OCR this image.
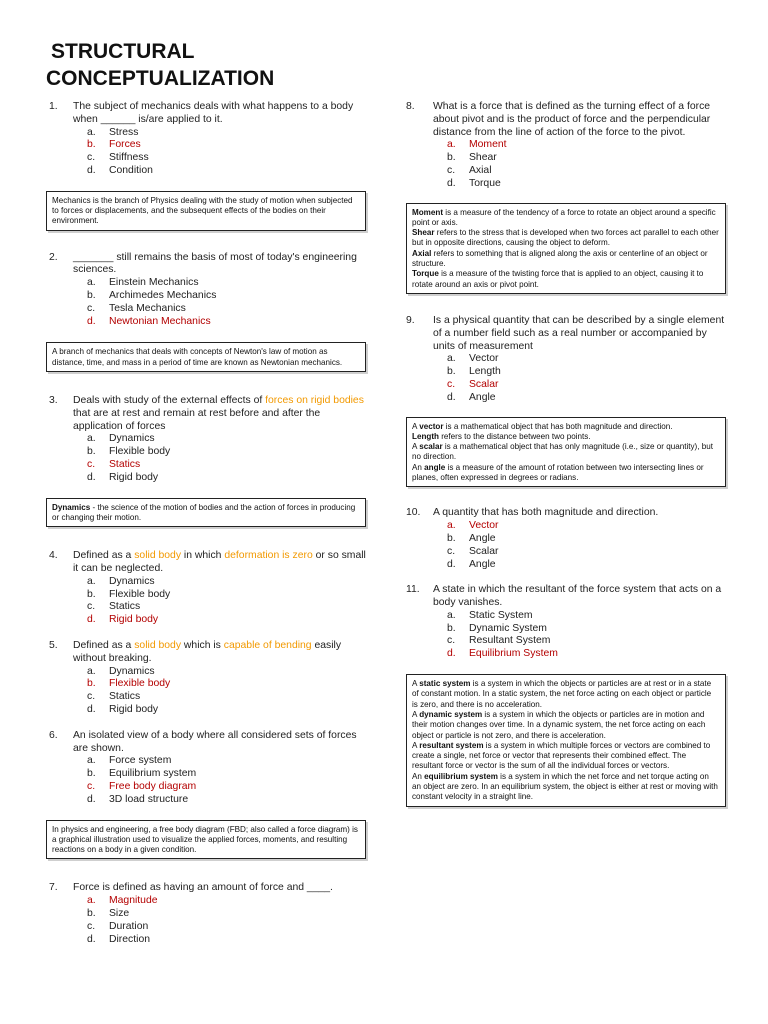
STRUCTURAL
CONCEPTUALIZATION
1. The subject of mechanics deals with what happens to a body when ______ is/are applied to it.
a. Stress
b. Forces
c. Stiffness
d. Condition
Mechanics is the branch of Physics dealing with the study of motion when subjected to forces or displacements, and the subsequent effects of the bodies on their environment.
2. _______ still remains the basis of most of today's engineering sciences.
a. Einstein Mechanics
b. Archimedes Mechanics
c. Tesla Mechanics
d. Newtonian Mechanics
A branch of mechanics that deals with concepts of Newton's law of motion as distance, time, and mass in a period of time are known as Newtonian mechanics.
3. Deals with study of the external effects of forces on rigid bodies that are at rest and remain at rest before and after the application of forces
a. Dynamics
b. Flexible body
c. Statics
d. Rigid body
Dynamics - the science of the motion of bodies and the action of forces in producing or changing their motion.
4. Defined as a solid body in which deformation is zero or so small it can be neglected.
a. Dynamics
b. Flexible body
c. Statics
d. Rigid body
5. Defined as a solid body which is capable of bending easily without breaking.
a. Dynamics
b. Flexible body
c. Statics
d. Rigid body
6. An isolated view of a body where all considered sets of forces are shown.
a. Force system
b. Equilibrium system
c. Free body diagram
d. 3D load structure
In physics and engineering, a free body diagram (FBD; also called a force diagram) is a graphical illustration used to visualize the applied forces, moments, and resulting reactions on a body in a given condition.
7. Force is defined as having an amount of force and ____.
a. Magnitude
b. Size
c. Duration
d. Direction
8. What is a force that is defined as the turning effect of a force about pivot and is the product of force and the perpendicular distance from the line of action of the force to the pivot.
a. Moment
b. Shear
c. Axial
d. Torque
Moment is a measure of the tendency of a force to rotate an object around a specific point or axis.
Shear refers to the stress that is developed when two forces act parallel to each other but in opposite directions, causing the object to deform.
Axial refers to something that is aligned along the axis or centerline of an object or structure.
Torque is a measure of the twisting force that is applied to an object, causing it to rotate around an axis or pivot point.
9. Is a physical quantity that can be described by a single element of a number field such as a real number or accompanied by units of measurement
a. Vector
b. Length
c. Scalar
d. Angle
A vector is a mathematical object that has both magnitude and direction.
Length refers to the distance between two points.
A scalar is a mathematical object that has only magnitude (i.e., size or quantity), but no direction.
An angle is a measure of the amount of rotation between two intersecting lines or planes, often expressed in degrees or radians.
10. A quantity that has both magnitude and direction.
a. Vector
b. Angle
c. Scalar
d. Angle
11. A state in which the resultant of the force system that acts on a body vanishes.
a. Static System
b. Dynamic System
c. Resultant System
d. Equilibrium System
A static system is a system in which the objects or particles are at rest or in a state of constant motion. In a static system, the net force acting on each object or particle is zero, and there is no acceleration.
A dynamic system is a system in which the objects or particles are in motion and their motion changes over time. In a dynamic system, the net force acting on each object or particle is not zero, and there is acceleration.
A resultant system is a system in which multiple forces or vectors are combined to create a single, net force or vector that represents their combined effect. The resultant force or vector is the sum of all the individual forces or vectors.
An equilibrium system is a system in which the net force and net torque acting on an object are zero. In an equilibrium system, the object is either at rest or moving with constant velocity in a straight line.
